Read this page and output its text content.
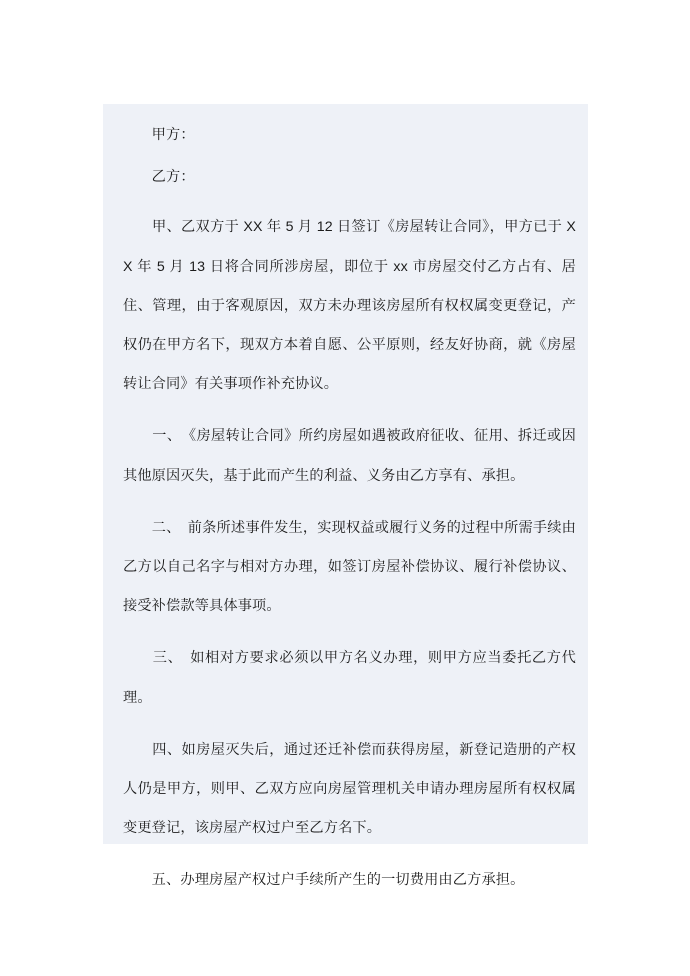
　　甲方：

　　乙方：

　　甲、乙双方于 XX 年 5 月 12 日签订《房屋转让合同》，甲方已于 XX 年 5 月 13 日将合同所涉房屋，即位于 xx 市房屋交付乙方占有、居住、管理，由于客观原因，双方未办理该房屋所有权权属变更登记，产权仍在甲方名下，现双方本着自愿、公平原则，经友好协商，就《房屋转让合同》有关事项作补充协议。

　　一、　《房屋转让合同》所约房屋如遇被政府征收、征用、拆迁或因其他原因灭失，基于此而产生的利益、义务由乙方享有、承担。

　　二、　前条所述事件发生，实现权益或履行义务的过程中所需手续由乙方以自己名字与相对方办理，如签订房屋补偿协议、履行补偿协议、接受补偿款等具体事项。

　　三、　如相对方要求必须以甲方名义办理，则甲方应当委托乙方代理。

　　四、如房屋灭失后，通过还迁补偿而获得房屋，新登记造册的产权人仍是甲方，则甲、乙双方应向房屋管理机关申请办理房屋所有权权属变更登记，该房屋产权过户至乙方名下。

　　五、办理房屋产权过户手续所产生的一切费用由乙方承担。
